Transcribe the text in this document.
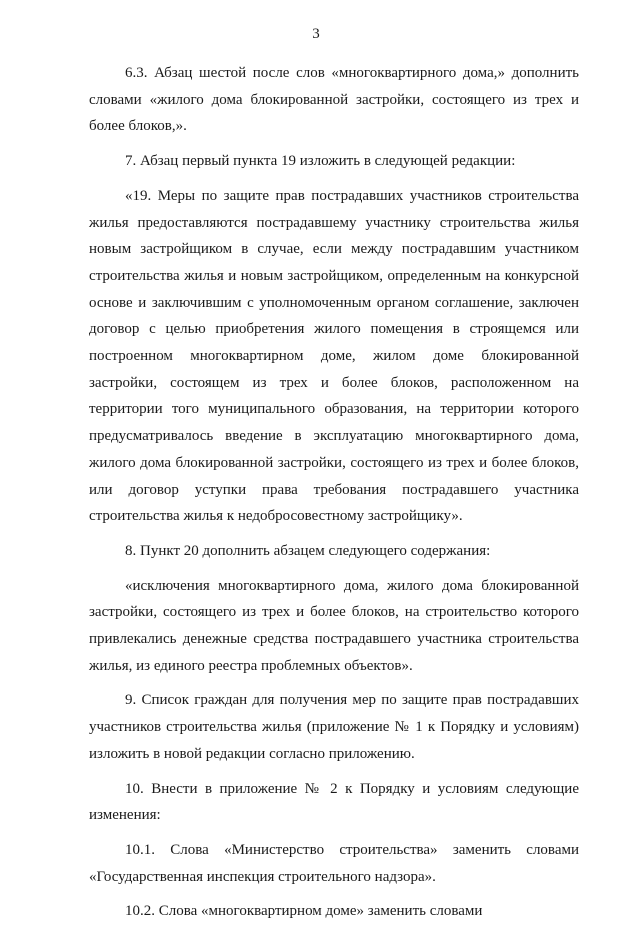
3

6.3. Абзац шестой после слов «многоквартирного дома,» дополнить словами «жилого дома блокированной застройки, состоящего из трех и более блоков,».

7. Абзац первый пункта 19 изложить в следующей редакции:

«19. Меры по защите прав пострадавших участников строительства жилья предоставляются пострадавшему участнику строительства жилья новым застройщиком в случае, если между пострадавшим участником строительства жилья и новым застройщиком, определенным на конкурсной основе и заключившим с уполномоченным органом соглашение, заключен договор с целью приобретения жилого помещения в строящемся или построенном многоквартирном доме, жилом доме блокированной застройки, состоящем из трех и более блоков, расположенном на территории того муниципального образования, на территории которого предусматривалось введение в эксплуатацию многоквартирного дома, жилого дома блокированной застройки, состоящего из трех и более блоков, или договор уступки права требования пострадавшего участника строительства жилья к недобросовестному застройщику».

8. Пункт 20 дополнить абзацем следующего содержания:

«исключения многоквартирного дома, жилого дома блокированной застройки, состоящего из трех и более блоков, на строительство которого привлекались денежные средства пострадавшего участника строительства жилья, из единого реестра проблемных объектов».

9. Список граждан для получения мер по защите прав пострадавших участников строительства жилья (приложение № 1 к Порядку и условиям) изложить в новой редакции согласно приложению.

10. Внести в приложение № 2 к Порядку и условиям следующие изменения:

10.1. Слова «Министерство строительства» заменить словами «Государственная инспекция строительного надзора».

10.2. Слова «многоквартирном доме» заменить словами
